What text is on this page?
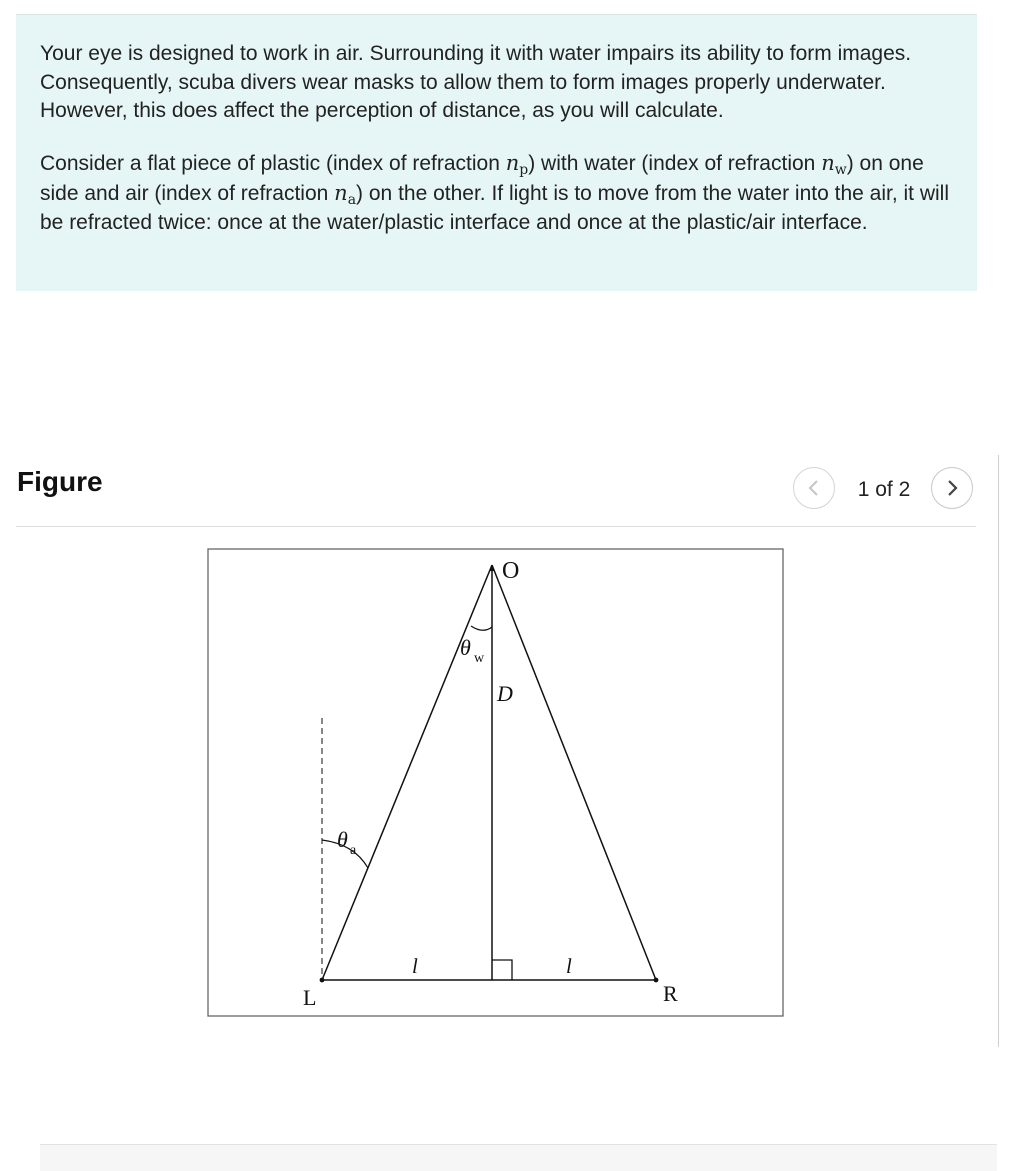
Your eye is designed to work in air. Surrounding it with water impairs its ability to form images. Consequently, scuba divers wear masks to allow them to form images properly underwater. However, this does affect the perception of distance, as you will calculate.

Consider a flat piece of plastic (index of refraction $n_p$) with water (index of refraction $n_w$) on one side and air (index of refraction $n_a$) on the other. If light is to move from the water into the air, it will be refracted twice: once at the water/plastic interface and once at the plastic/air interface.

Figure	1 of 2
O
L	R
D
l	l
θ w
θ a
